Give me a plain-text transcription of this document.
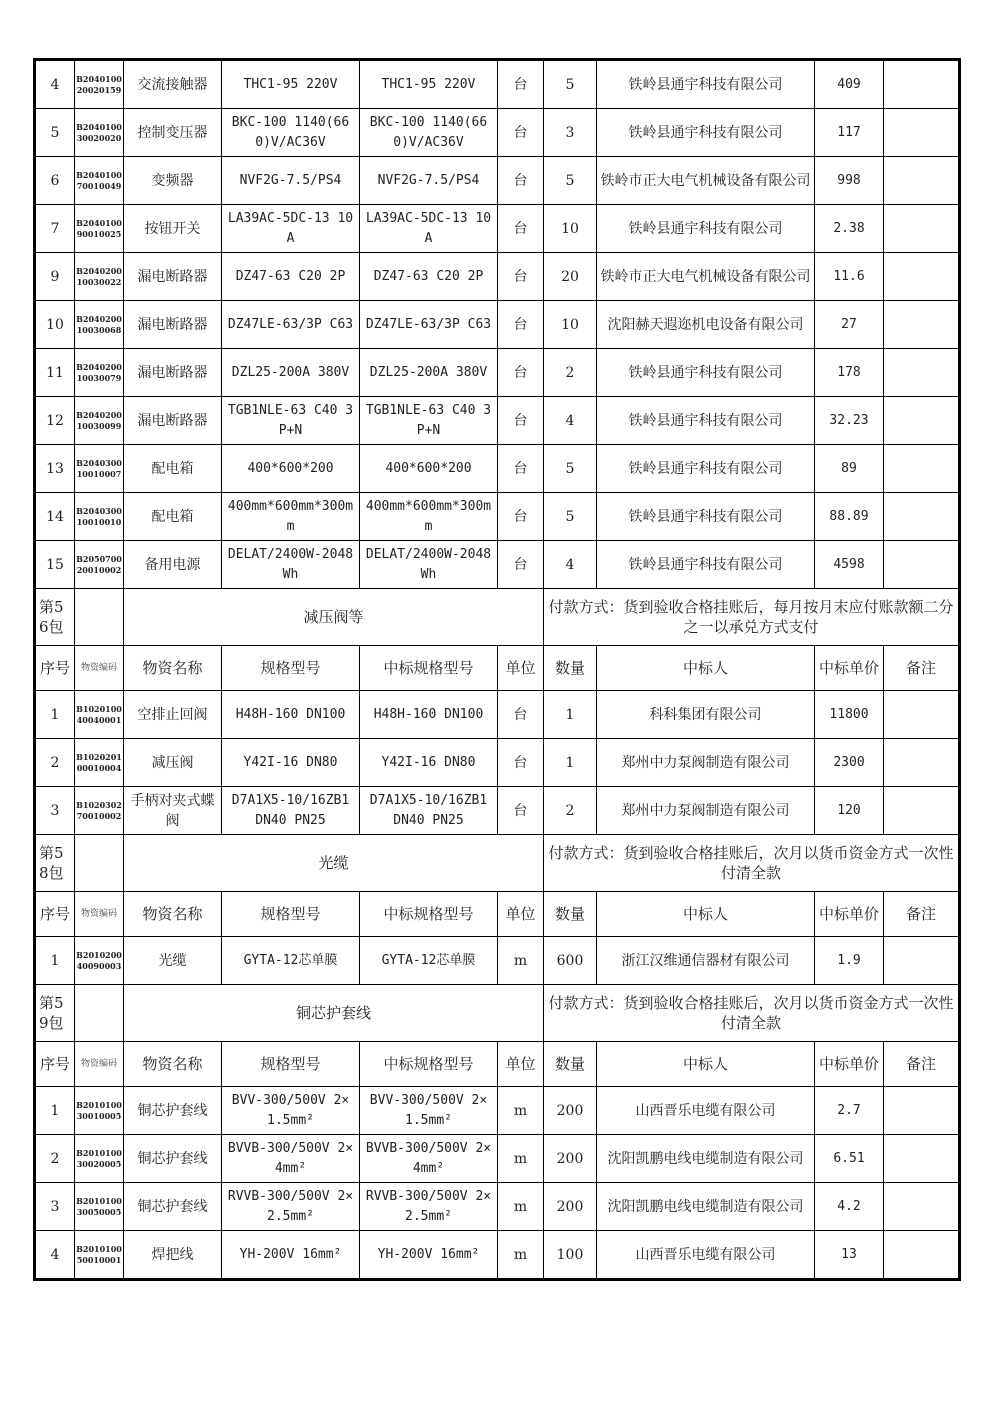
4	B204010020020159	交流接触器	THC1-95 220V	THC1-95 220V	台	5	铁岭县通宇科技有限公司	409	
5	B204010030020020	控制变压器	BKC-100 1140(660)V/AC36V	BKC-100 1140(660)V/AC36V	台	3	铁岭县通宇科技有限公司	117	
6	B204010070010049	变频器	NVF2G-7.5/PS4	NVF2G-7.5/PS4	台	5	铁岭市正大电气机械设备有限公司	998	
7	B204010090010025	按钮开关	LA39AC-5DC-13 10A	LA39AC-5DC-13 10A	台	10	铁岭县通宇科技有限公司	2.38	
9	B204020010030022	漏电断路器	DZ47-63 C20 2P	DZ47-63 C20 2P	台	20	铁岭市正大电气机械设备有限公司	11.6	
10	B204020010030068	漏电断路器	DZ47LE-63/3P C63	DZ47LE-63/3P C63	台	10	沈阳赫天遐迩机电设备有限公司	27	
11	B204020010030079	漏电断路器	DZL25-200A 380V	DZL25-200A 380V	台	2	铁岭县通宇科技有限公司	178	
12	B204020010030099	漏电断路器	TGB1NLE-63 C40 3P+N	TGB1NLE-63 C40 3P+N	台	4	铁岭县通宇科技有限公司	32.23	
13	B204030010010007	配电箱	400*600*200	400*600*200	台	5	铁岭县通宇科技有限公司	89	
14	B204030010010010	配电箱	400mm*600mm*300mm	400mm*600mm*300mm	台	5	铁岭县通宇科技有限公司	88.89	
15	B205070020010002	备用电源	DELAT/2400W-2048Wh	DELAT/2400W-2048Wh	台	4	铁岭县通宇科技有限公司	4598	
第56包		减压阀等				付款方式：货到验收合格挂账后，每月按月末应付账款额二分之一以承兑方式支付			
序号	物资编码	物资名称	规格型号	中标规格型号	单位	数量	中标人	中标单价	备注
1	B102010040040001	空排止回阀	H48H-160 DN100	H48H-160 DN100	台	1	科科集团有限公司	11800	
2	B102020100010004	减压阀	Y42I-16 DN80	Y42I-16 DN80	台	1	郑州中力泵阀制造有限公司	2300	
3	B102030270010002	手柄对夹式蝶阀	D7A1X5-10/16ZB1 DN40 PN25	D7A1X5-10/16ZB1 DN40 PN25	台	2	郑州中力泵阀制造有限公司	120	
第58包		光缆				付款方式：货到验收合格挂账后，次月以货币资金方式一次性付清全款			
序号	物资编码	物资名称	规格型号	中标规格型号	单位	数量	中标人	中标单价	备注
1	B201020040090003	光缆	GYTA-12芯单膜	GYTA-12芯单膜	m	600	浙江汉维通信器材有限公司	1.9	
第59包		铜芯护套线				付款方式：货到验收合格挂账后，次月以货币资金方式一次性付清全款			
序号	物资编码	物资名称	规格型号	中标规格型号	单位	数量	中标人	中标单价	备注
1	B201010030010005	铜芯护套线	BVV-300/500V 2×1.5mm²	BVV-300/500V 2×1.5mm²	m	200	山西晋乐电缆有限公司	2.7	
2	B201010030020005	铜芯护套线	BVVB-300/500V 2×4mm²	BVVB-300/500V 2×4mm²	m	200	沈阳凯鹏电线电缆制造有限公司	6.51	
3	B201010030050005	铜芯护套线	RVVB-300/500V 2×2.5mm²	RVVB-300/500V 2×2.5mm²	m	200	沈阳凯鹏电线电缆制造有限公司	4.2	
4	B201010050010001	焊把线	YH-200V 16mm²	YH-200V 16mm²	m	100	山西晋乐电缆有限公司	13	
